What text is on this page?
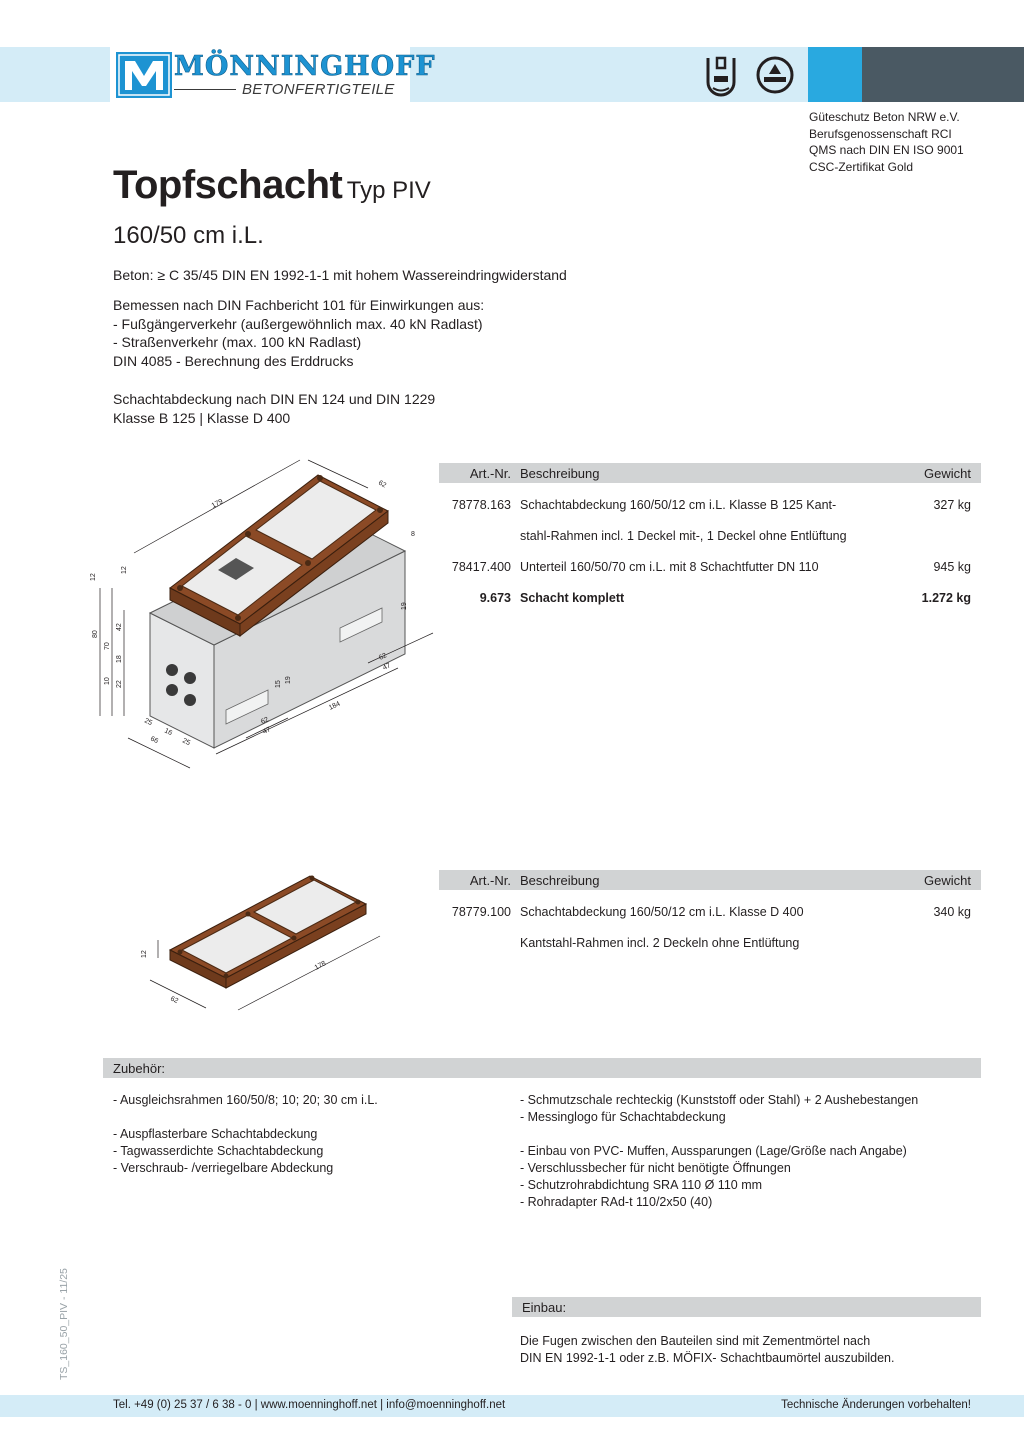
MÖNNINGHOFF
BETONFERTIGTEILE
Güteschutz Beton NRW e.V.
Berufsgenossenschaft RCI
QMS nach DIN EN ISO 9001
CSC-Zertifikat Gold
Topfschacht Typ PIV
160/50 cm i.L.
Beton: ≥ C 35/45 DIN EN 1992-1-1 mit hohem Wassereindringwiderstand
Bemessen nach DIN Fachbericht 101 für Einwirkungen aus:
- Fußgängerverkehr (außergewöhnlich max. 40 kN Radlast)
- Straßenverkehr (max. 100 kN Radlast)
DIN 4085 - Berechnung des Erddrucks
Schachtabdeckung nach DIN EN 124 und DIN 1229
Klasse B 125 | Klasse D 400
Art.-Nr. Beschreibung	Gewicht
78778.163 Schachtabdeckung 160/50/12 cm i.L. Klasse B 125 Kant-	327 kg
stahl-Rahmen incl. 1 Deckel mit-, 1 Deckel ohne Entlüftung
78417.400 Unterteil 160/50/70 cm i.L. mit 8 Schachtfutter DN 110	945 kg
9.673 Schacht komplett	1.272 kg
179
62
8
12
12
19
80
70
42
18
10 22
62
47
15
19
62
47
184
25
16
25
66
Art.-Nr. Beschreibung	Gewicht
78779.100 Schachtabdeckung 160/50/12 cm i.L. Klasse D 400	340 kg
Kantstahl-Rahmen incl. 2 Deckeln ohne Entlüftung
12
178
62
Zubehör:
- Ausgleichsrahmen 160/50/8; 10; 20; 30 cm i.L.
- Auspflasterbare Schachtabdeckung
- Tagwasserdichte Schachtabdeckung
- Verschraub- /verriegelbare Abdeckung
- Schmutzschale rechteckig (Kunststoff oder Stahl) + 2 Aushebestangen
- Messinglogo für Schachtabdeckung
- Einbau von PVC- Muffen, Aussparungen (Lage/Größe nach Angabe)
- Verschlussbecher für nicht benötigte Öffnungen
- Schutzrohrabdichtung SRA 110 Ø 110 mm
- Rohradapter RAd-t 110/2x50 (40)
Einbau:
Die Fugen zwischen den Bauteilen sind mit Zementmörtel nach
DIN EN 1992-1-1 oder z.B. MÖFIX- Schachtbaumörtel auszubilden.
TS_160_50_PIV - 11/25
Tel. +49 (0) 25 37 / 6 38 - 0 | www.moenninghoff.net | info@moenninghoff.net	Technische Änderungen vorbehalten!
